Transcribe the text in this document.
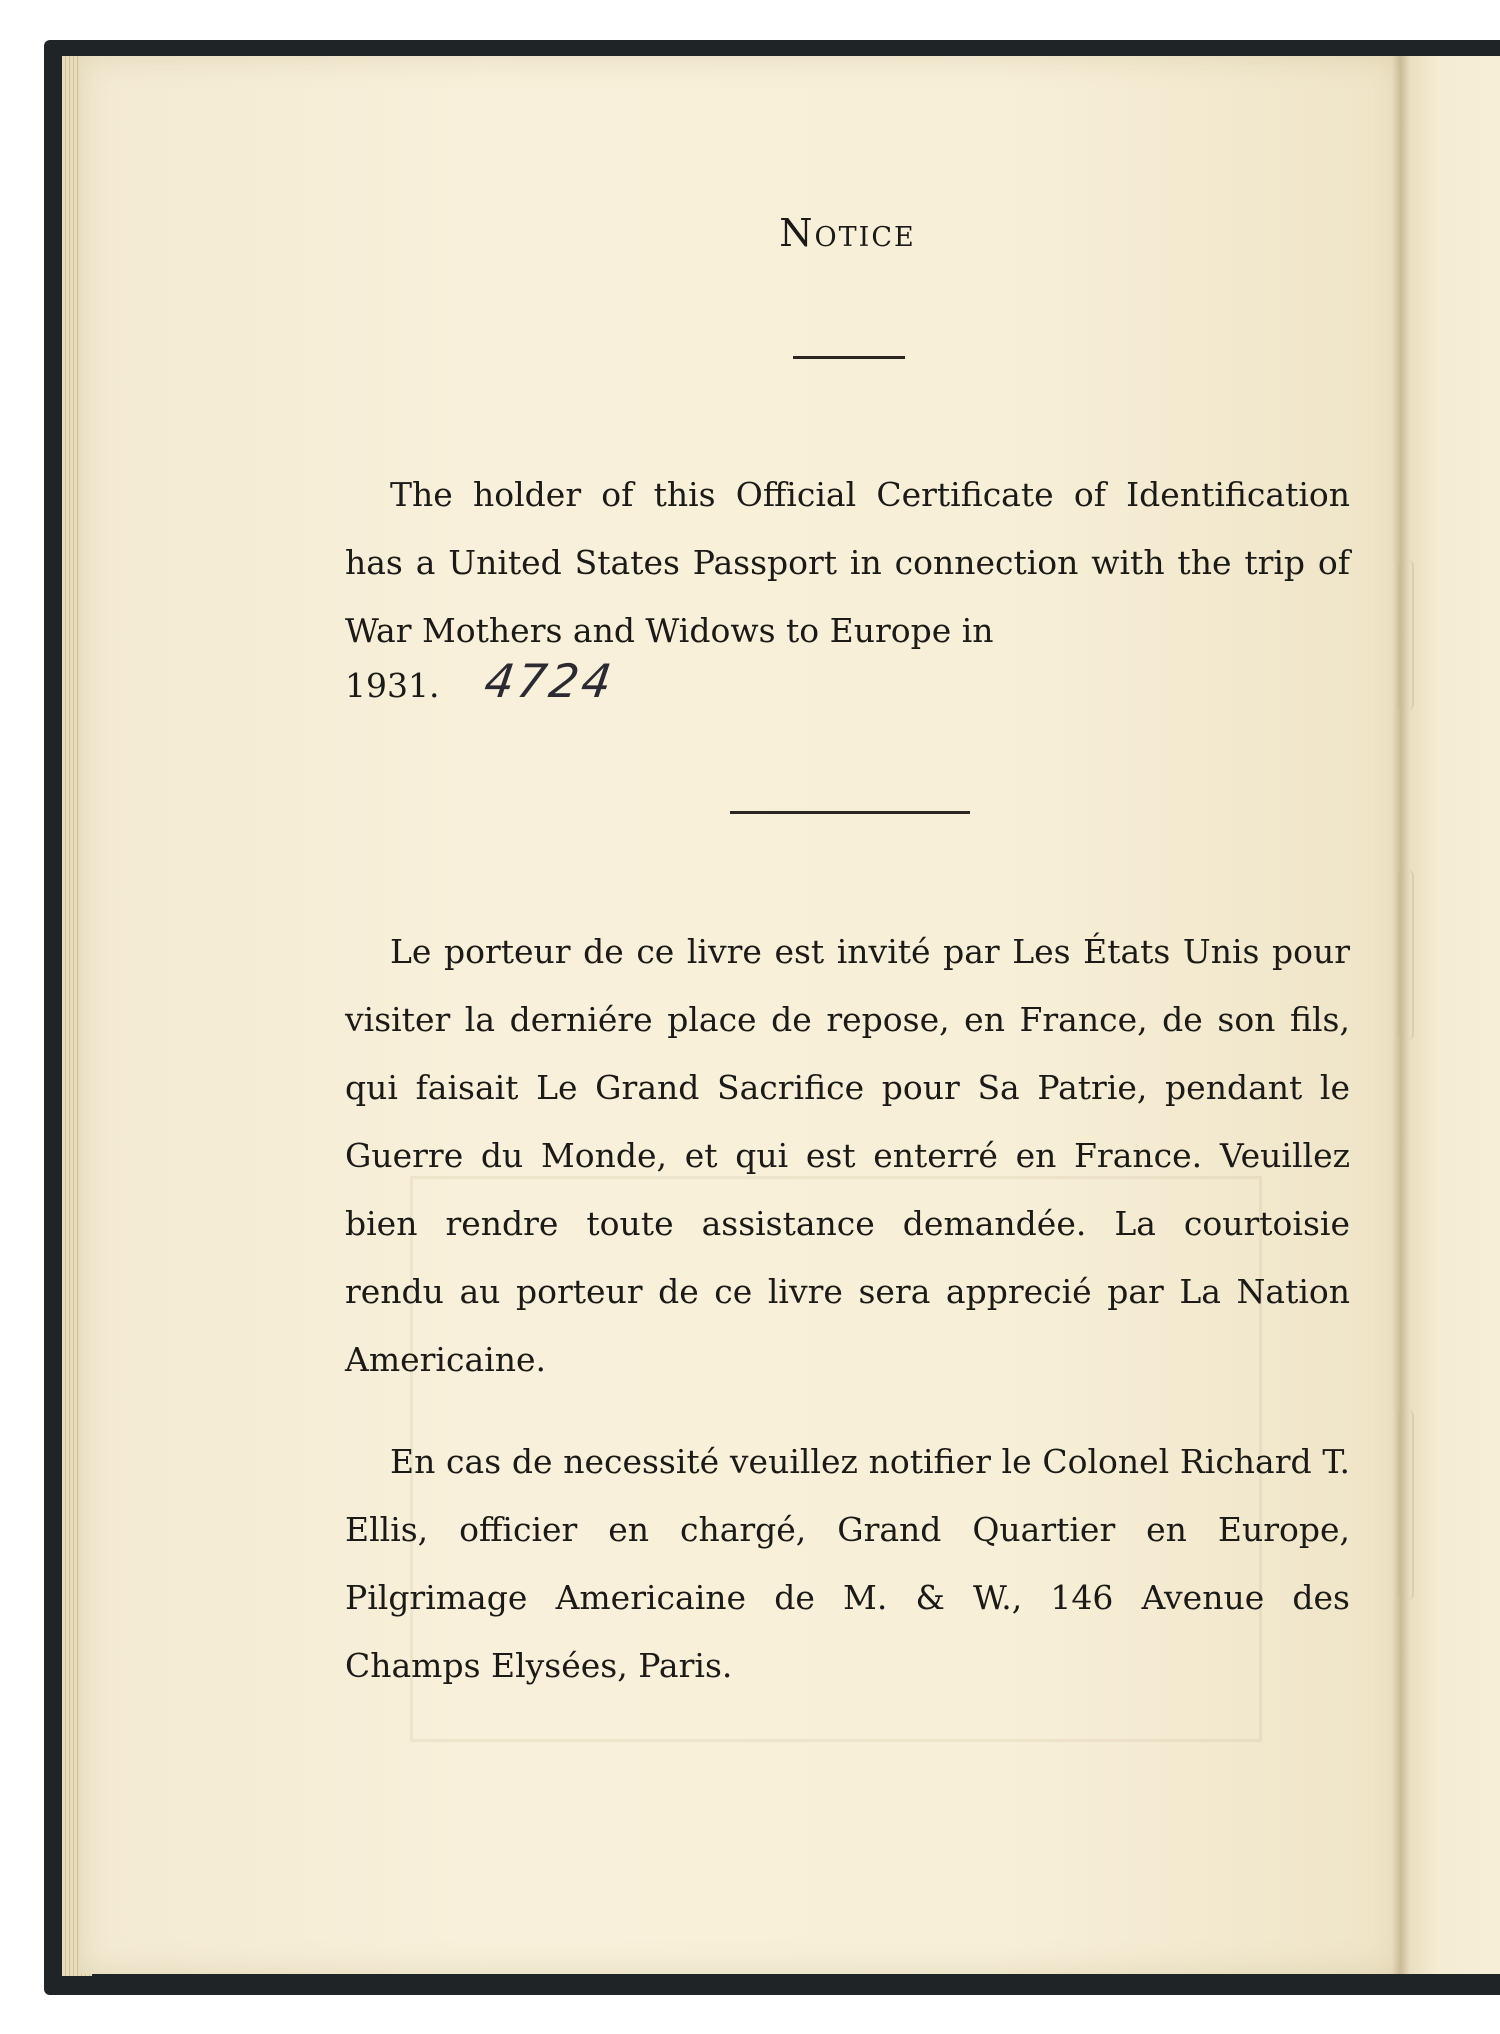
Notice

The holder of this Official Certificate of Identification has a United States Passport in connection with the trip of War Mothers and Widows to Europe in

1931. 4724

Le porteur de ce livre est invité par Les États Unis pour visiter la derniére place de repose, en France, de son fils, qui faisait Le Grand Sacrifice pour Sa Patrie, pendant le Guerre du Monde, et qui est enterré en France. Veuillez bien rendre toute assistance demandée. La courtoisie rendu au porteur de ce livre sera apprecié par La Nation Americaine.

En cas de necessité veuillez notifier le Colonel Richard T. Ellis, officier en chargé, Grand Quartier en Europe, Pilgrimage Americaine de M. & W., 146 Avenue des Champs Elysées, Paris.
